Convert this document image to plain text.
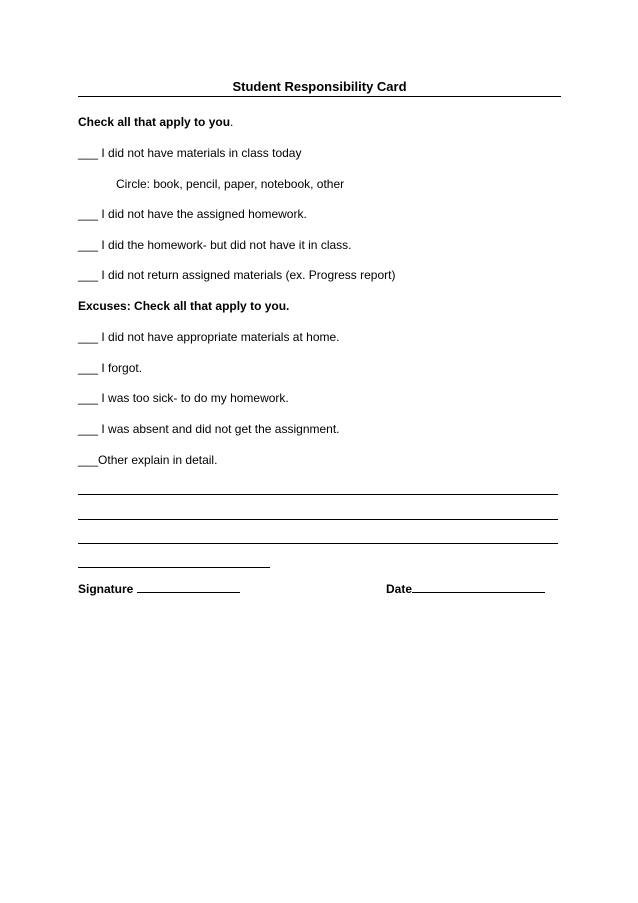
Student Responsibility Card
Check all that apply to you.
___ I did not have materials in class today
Circle: book, pencil, paper, notebook, other
___ I did not have the assigned homework.
___ I did the homework- but did not have it in class.
___ I did not return assigned materials (ex. Progress report)
Excuses: Check all that apply to you.
___ I did not have appropriate materials at home.
___ I forgot.
___ I was too sick- to do my homework.
___ I was absent and did not get the assignment.
___Other explain in detail.
Signature	Date
